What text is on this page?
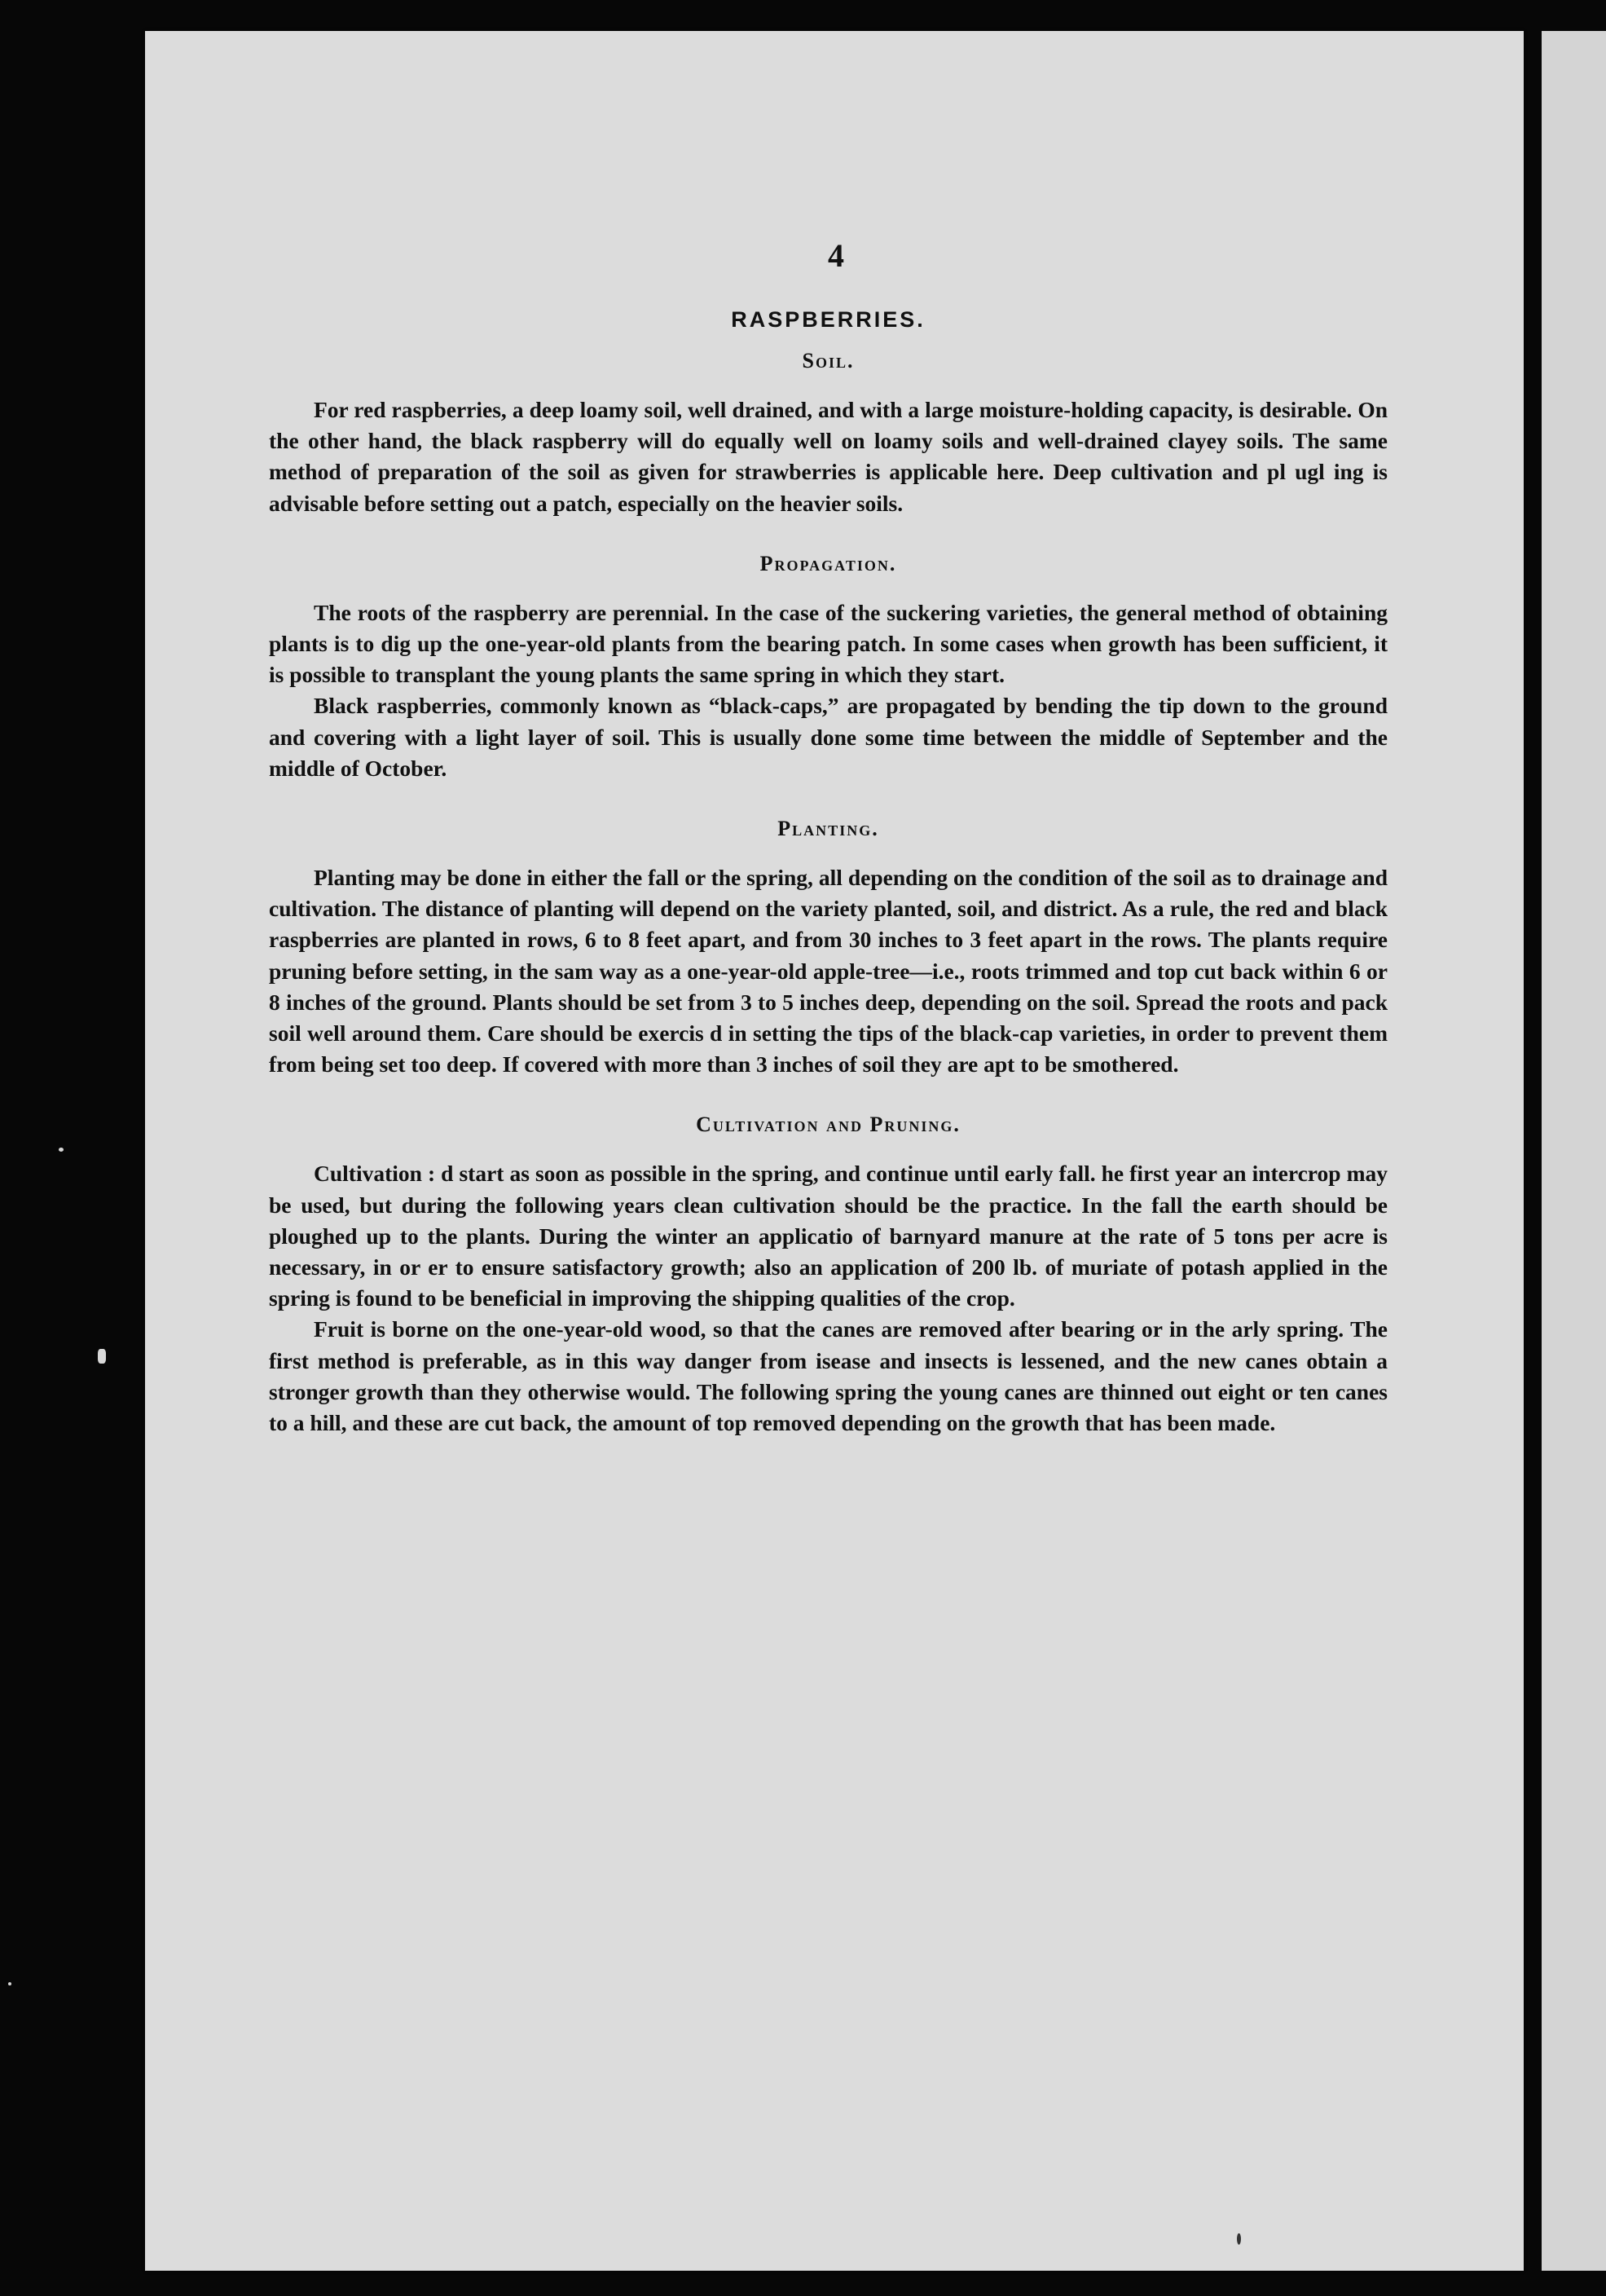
4
RASPBERRIES.
Soil.

For red raspberries, a deep loamy soil, well drained, and with a large moisture-holding capacity, is desirable. On the other hand, the black raspberry will do equally well on loamy soils and well-drained clayey soils. The same method of preparation of the soil as given for strawberries is applicable here. Deep cultivation and pl ugl ing is advisable before setting out a patch, especially on the heavier soils.

Propagation.

The roots of the raspberry are perennial. In the case of the suckering varieties, the general method of obtaining plants is to dig up the one-year-old plants from the bearing patch. In some cases when growth has been sufficient, it is possible to transplant the young plants the same spring in which they start.

Black raspberries, commonly known as “black-caps,” are propagated by bending the tip down to the ground and covering with a light layer of soil. This is usually done some time between the middle of September and the middle of October.

Planting.

Planting may be done in either the fall or the spring, all depending on the condition of the soil as to drainage and cultivation. The distance of planting will depend on the variety planted, soil, and district. As a rule, the red and black raspberries are planted in rows, 6 to 8 feet apart, and from 30 inches to 3 feet apart in the rows. The plants require pruning before setting, in the sam way as a one-year-old apple-tree—i.e., roots trimmed and top cut back within 6 or 8 inches of the ground. Plants should be set from 3 to 5 inches deep, depending on the soil. Spread the roots and pack soil well around them. Care should be exercis d in setting the tips of the black-cap varieties, in order to prevent them from being set too deep. If covered with more than 3 inches of soil they are apt to be smothered.

Cultivation and Pruning.

Cultivation : d start as soon as possible in the spring, and continue until early fall. he first year an intercrop may be used, but during the following years clean cultivation should be the practice. In the fall the earth should be ploughed up to the plants. During the winter an applicatio of barnyard manure at the rate of 5 tons per acre is necessary, in or er to ensure satisfactory growth; also an application of 200 lb. of muriate of potash applied in the spring is found to be beneficial in improving the shipping qualities of the crop.

Fruit is borne on the one-year-old wood, so that the canes are removed after bearing or in the arly spring. The first method is preferable, as in this way danger from isease and insects is lessened, and the new canes obtain a stronger growth than they otherwise would. The following spring the young canes are thinned out eight or ten canes to a hill, and these are cut back, the amount of top removed depending on the growth that has been made.
